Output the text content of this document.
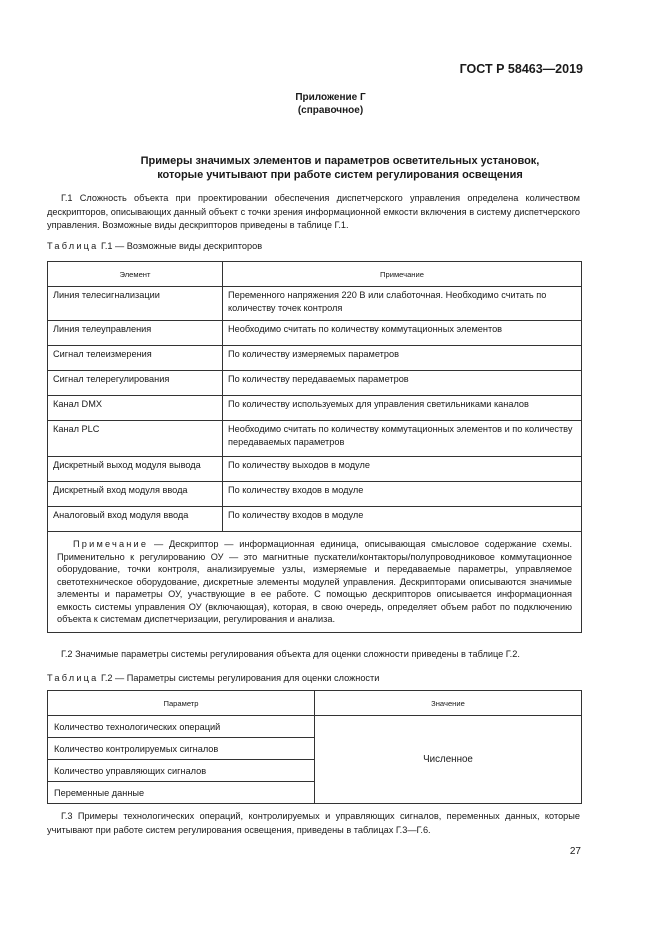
ГОСТ Р 58463—2019
Приложение Г
(справочное)
Примеры значимых элементов и параметров осветительных установок,
которые учитывают при работе систем регулирования освещения
Г.1 Сложность объекта при проектировании обеспечения диспетчерского управления определена количеством дескрипторов, описывающих данный объект с точки зрения информационной емкости включения в систему диспетчерского управления. Возможные виды дескрипторов приведены в таблице Г.1.
Таблица Г.1 — Возможные виды дескрипторов
Элемент	Примечание
Линия телесигнализации	Переменного напряжения 220 В или слаботочная. Необходимо считать по количеству точек контроля
Линия телеуправления	Необходимо считать по количеству коммутационных элементов
Сигнал телеизмерения	По количеству измеряемых параметров
Сигнал телерегулирования	По количеству передаваемых параметров
Канал DMX	По количеству используемых для управления светильниками каналов
Канал PLC	Необходимо считать по количеству коммутационных элементов и по количеству передаваемых параметров
Дискретный выход модуля вывода	По количеству выходов в модуле
Дискретный вход модуля ввода	По количеству входов в модуле
Аналоговый вход модуля ввода	По количеству входов в модуле
Примечание — Дескриптор — информационная единица, описывающая смысловое содержание схемы. Применительно к регулированию ОУ — это магнитные пускатели/контакторы/полупроводниковое коммутационное оборудование, точки контроля, анализируемые узлы, измеряемые и передаваемые параметры, управляемое светотехническое оборудование, дискретные элементы модулей управления. Дескрипторами описываются значимые элементы и параметры ОУ, участвующие в ее работе. С помощью дескрипторов описывается информационная емкость системы управления ОУ (включающая), которая, в свою очередь, определяет объем работ по подключению объекта к системам диспетчеризации, регулирования и анализа.	
Г.2 Значимые параметры системы регулирования объекта для оценки сложности приведены в таблице Г.2.
Таблица Г.2 — Параметры системы регулирования для оценки сложности
Параметр	Значение
Количество технологических операций	Численное
Количество контролируемых сигналов	
Количество управляющих сигналов	
Переменные данные	
Г.3 Примеры технологических операций, контролируемых и управляющих сигналов, переменных данных, которые учитывают при работе систем регулирования освещения, приведены в таблицах Г.3—Г.6.
27
